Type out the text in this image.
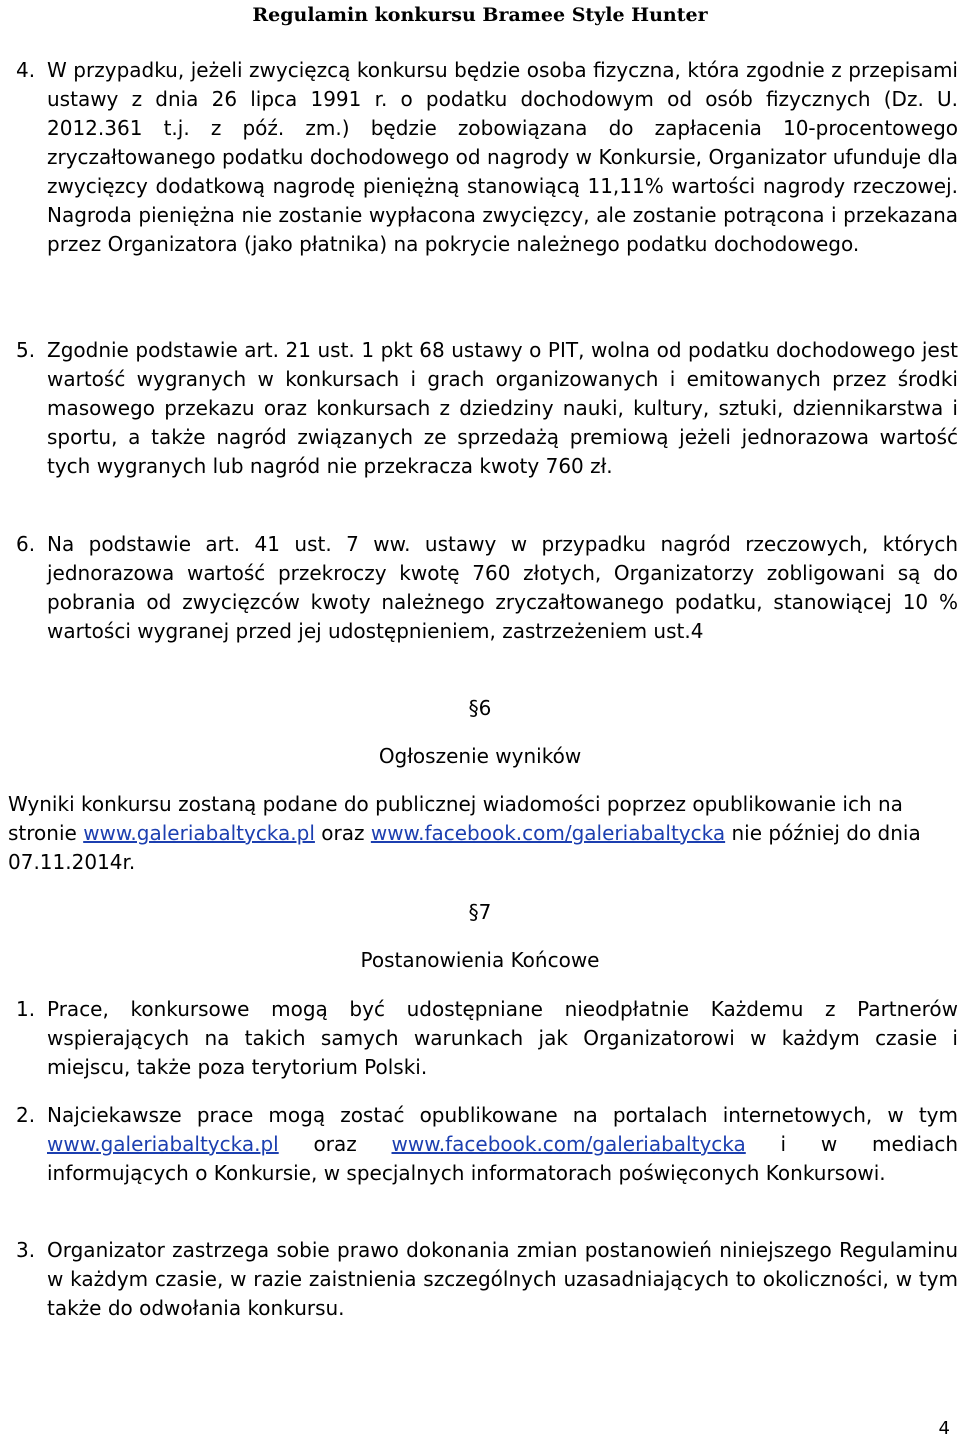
Regulamin konkursu Bramee Style Hunter
4. W przypadku, jeżeli zwycięzcą konkursu będzie osoba fizyczna, która zgodnie z przepisami ustawy z dnia 26 lipca 1991 r. o podatku dochodowym od osób fizycznych (Dz. U. 2012.361 t.j. z póź. zm.) będzie zobowiązana do zapłacenia 10-procentowego zryczałtowanego podatku dochodowego od nagrody w Konkursie, Organizator ufunduje dla zwycięzcy dodatkową nagrodę pieniężną stanowiącą 11,11% wartości nagrody rzeczowej. Nagroda pieniężna nie zostanie wypłacona zwycięzcy, ale zostanie potrącona i przekazana przez Organizatora (jako płatnika) na pokrycie należnego podatku dochodowego.
5. Zgodnie podstawie art. 21 ust. 1 pkt 68 ustawy o PIT, wolna od podatku dochodowego jest wartość wygranych w konkursach i grach organizowanych i emitowanych przez środki masowego przekazu oraz konkursach z dziedziny nauki, kultury, sztuki, dziennikarstwa i sportu, a także nagród związanych ze sprzedażą premiową jeżeli jednorazowa wartość tych wygranych lub nagród nie przekracza kwoty 760 zł.
6. Na podstawie art. 41 ust. 7 ww. ustawy w przypadku nagród rzeczowych, których jednorazowa wartość przekroczy kwotę 760 złotych, Organizatorzy zobligowani są do pobrania od zwycięzców kwoty należnego zryczałtowanego podatku, stanowiącej 10 % wartości wygranej przed jej udostępnieniem, zastrzeżeniem ust.4
§6
Ogłoszenie wyników
Wyniki konkursu zostaną podane do publicznej wiadomości poprzez opublikowanie ich na stronie www.galeriabaltycka.pl oraz www.facebook.com/galeriabaltycka nie później do dnia 07.11.2014r.
§7
Postanowienia Końcowe
1. Prace, konkursowe mogą być udostępniane nieodpłatnie Każdemu z Partnerów wspierających na takich samych warunkach jak Organizatorowi w każdym czasie i miejscu, także poza terytorium Polski.
2. Najciekawsze prace mogą zostać opublikowane na portalach internetowych, w tym www.galeriabaltycka.pl oraz www.facebook.com/galeriabaltycka i w mediach informujących o Konkursie, w specjalnych informatorach poświęconych Konkursowi.
3. Organizator zastrzega sobie prawo dokonania zmian postanowień niniejszego Regulaminu w każdym czasie, w razie zaistnienia szczególnych uzasadniających to okoliczności, w tym także do odwołania konkursu.
4
